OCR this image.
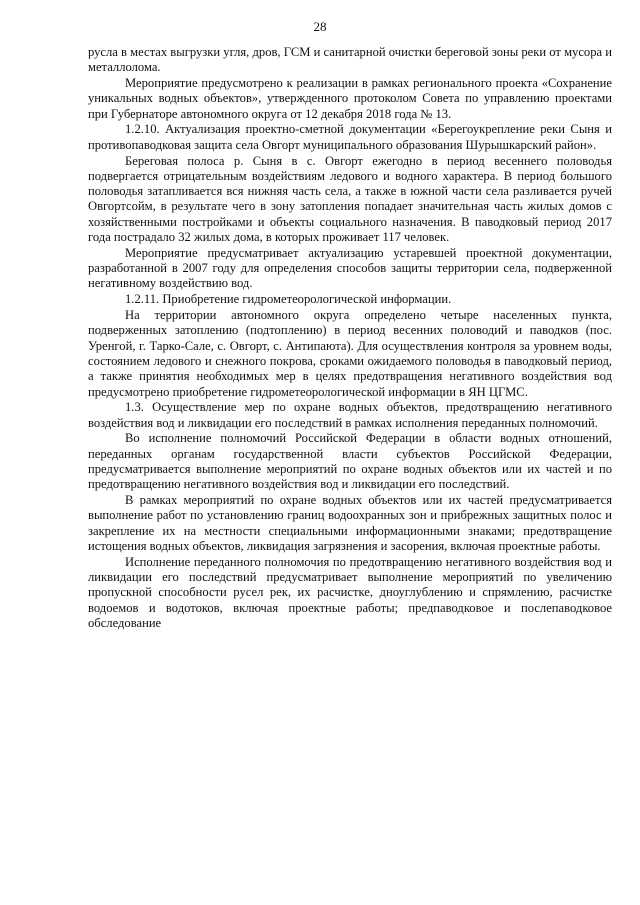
28

русла в местах выгрузки угля, дров, ГСМ и санитарной очистки береговой зоны реки от мусора и металлолома.

Мероприятие предусмотрено к реализации в рамках регионального проекта «Сохранение уникальных водных объектов», утвержденного протоколом Совета по управлению проектами при Губернаторе автономного округа от 12 декабря 2018 года № 13.

1.2.10. Актуализация проектно-сметной документации «Берегоукрепление реки Сыня и противопаводковая защита села Овгорт муниципального образования Шурышкарский район».

Береговая полоса р. Сыня в с. Овгорт ежегодно в период весеннего половодья подвергается отрицательным воздействиям ледового и водного характера. В период большого половодья затапливается вся нижняя часть села, а также в южной части села разливается ручей Овгортсойм, в результате чего в зону затопления попадает значительная часть жилых домов с хозяйственными постройками и объекты социального назначения. В паводковый период 2017 года пострадало 32 жилых дома, в которых проживает 117 человек.

Мероприятие предусматривает актуализацию устаревшей проектной документации, разработанной в 2007 году для определения способов защиты территории села, подверженной негативному воздействию вод.

1.2.11. Приобретение гидрометеорологической информации.

На территории автономного округа определено четыре населенных пункта, подверженных затоплению (подтоплению) в период весенних половодий и паводков (пос. Уренгой, г. Тарко-Сале, с. Овгорт, с. Антипаюта). Для осуществления контроля за уровнем воды, состоянием ледового и снежного покрова, сроками ожидаемого половодья в паводковый период, а также принятия необходимых мер в целях предотвращения негативного воздействия вод предусмотрено приобретение гидрометеорологической информации в ЯН ЦГМС.

1.3. Осуществление мер по охране водных объектов, предотвращению негативного воздействия вод и ликвидации его последствий в рамках исполнения переданных полномочий.

Во исполнение полномочий Российской Федерации в области водных отношений, переданных органам государственной власти субъектов Российской Федерации, предусматривается выполнение мероприятий по охране водных объектов или их частей и по предотвращению негативного воздействия вод и ликвидации его последствий.

В рамках мероприятий по охране водных объектов или их частей предусматривается выполнение работ по установлению границ водоохранных зон и прибрежных защитных полос и закрепление их на местности специальными информационными знаками; предотвращение истощения водных объектов, ликвидация загрязнения и засорения, включая проектные работы.

Исполнение переданного полномочия по предотвращению негативного воздействия вод и ликвидации его последствий предусматривает выполнение мероприятий по увеличению пропускной способности русел рек, их расчистке, дноуглублению и спрямлению, расчистке водоемов и водотоков, включая проектные работы; предпаводковое и послепаводковое обследование
